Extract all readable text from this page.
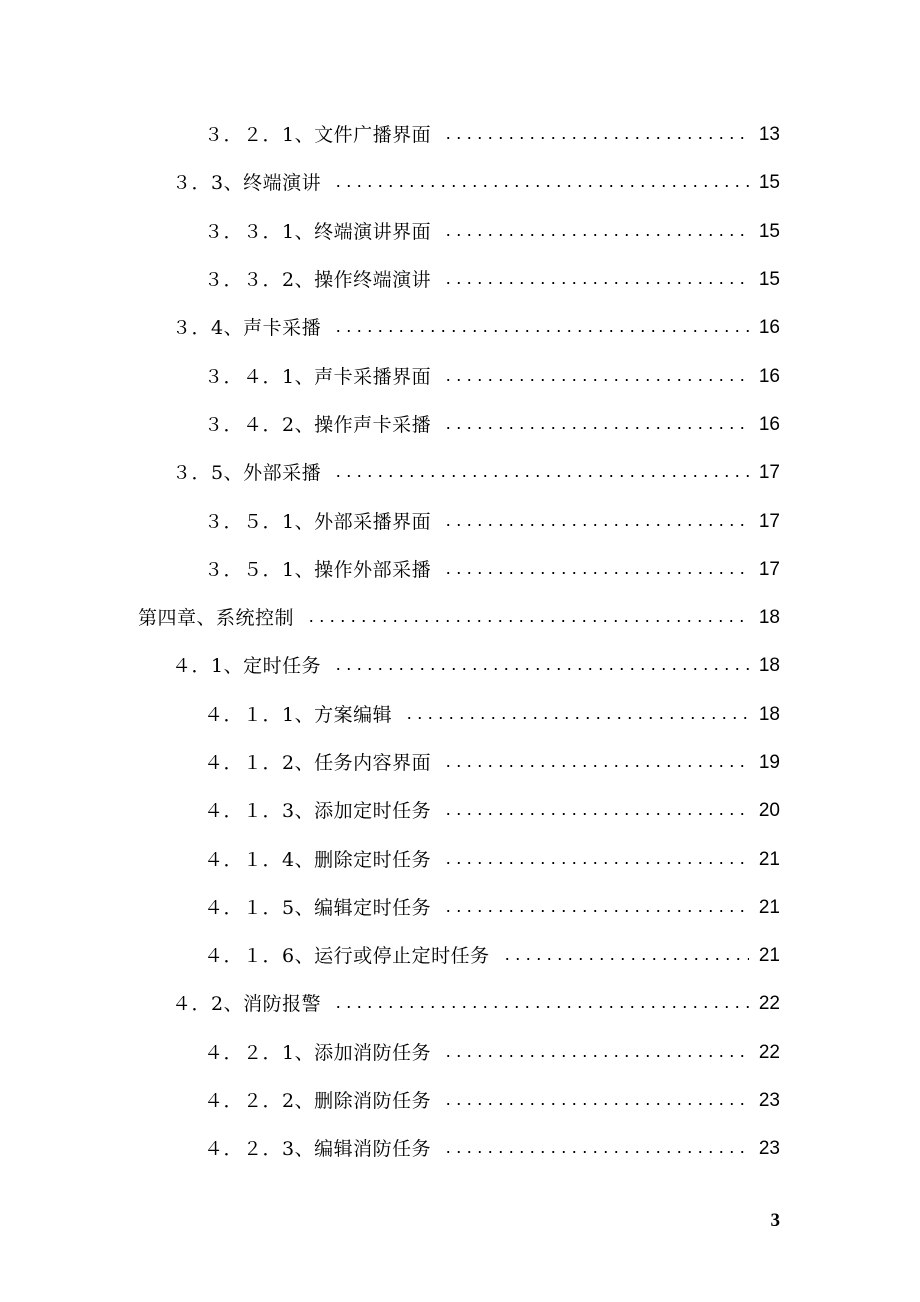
３．２．1、文件广播界面	13
３．3、终端演讲	15
３．３．1、终端演讲界面	15
３．３．2、操作终端演讲	15
３．4、声卡采播	16
３．４．1、声卡采播界面	16
３．４．2、操作声卡采播	16
３．5、外部采播	17
３．５．1、外部采播界面	17
３．５．1、操作外部采播	17
第四章、系统控制	18
４．1、定时任务	18
４．１．1、方案编辑	18
４．１．2、任务内容界面	19
４．１．3、添加定时任务	20
４．１．4、删除定时任务	21
４．１．5、编辑定时任务	21
４．１．6、运行或停止定时任务	21
４．2、消防报警	22
４．２．1、添加消防任务	22
４．２．2、删除消防任务	23
４．２．3、编辑消防任务	23
3
